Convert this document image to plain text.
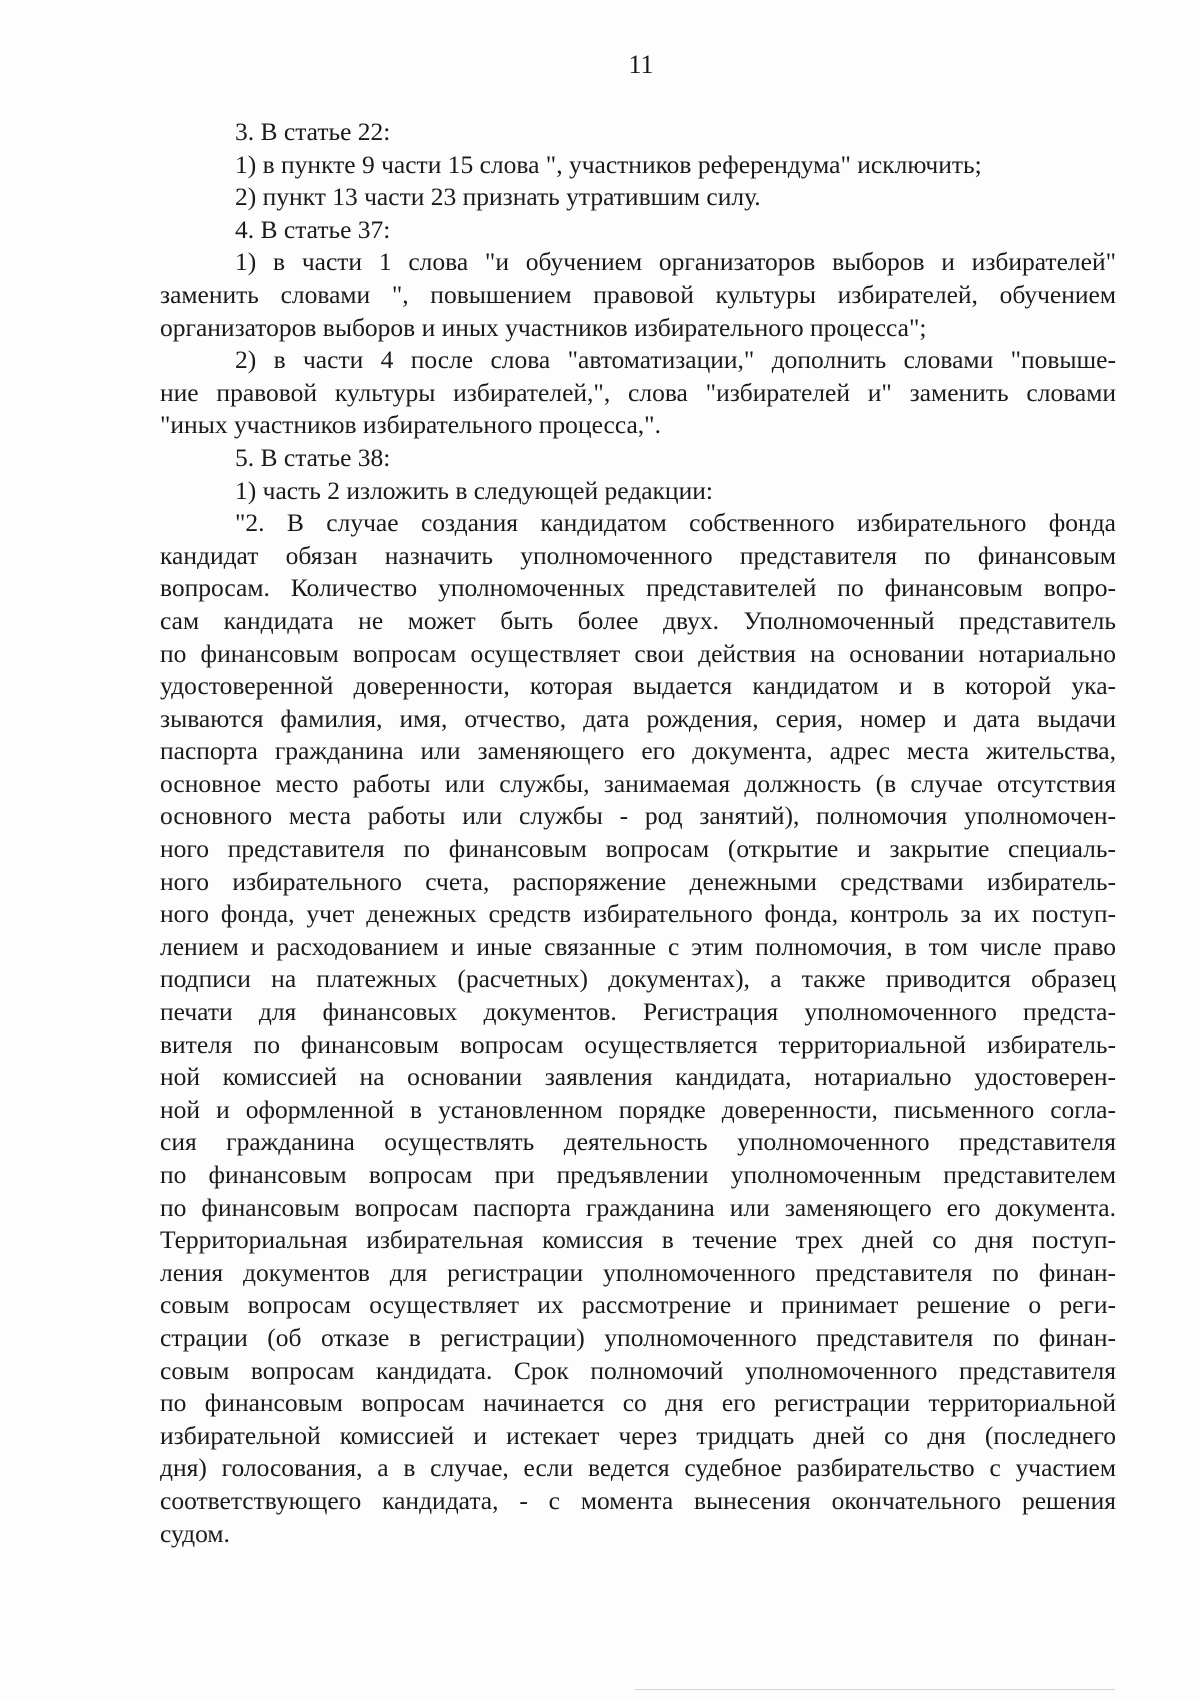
11
3. В статье 22:
1) в пункте 9 части 15 слова ", участников референдума" исключить;
2) пункт 13 части 23 признать утратившим силу.
4. В статье 37:
1) в части 1 слова "и обучением организаторов выборов и избирателей"
заменить словами ", повышением правовой культуры избирателей, обучением
организаторов выборов и иных участников избирательного процесса";
2) в части 4 после слова "автоматизации," дополнить словами "повыше-
ние правовой культуры избирателей,", слова "избирателей и" заменить словами
"иных участников избирательного процесса,".
5. В статье 38:
1) часть 2 изложить в следующей редакции:
"2. В случае создания кандидатом собственного избирательного фонда
кандидат обязан назначить уполномоченного представителя по финансовым
вопросам. Количество уполномоченных представителей по финансовым вопро-
сам кандидата не может быть более двух. Уполномоченный представитель
по финансовым вопросам осуществляет свои действия на основании нотариально
удостоверенной доверенности, которая выдается кандидатом и в которой ука-
зываются фамилия, имя, отчество, дата рождения, серия, номер и дата выдачи
паспорта гражданина или заменяющего его документа, адрес места жительства,
основное место работы или службы, занимаемая должность (в случае отсутствия
основного места работы или службы - род занятий), полномочия уполномочен-
ного представителя по финансовым вопросам (открытие и закрытие специаль-
ного избирательного счета, распоряжение денежными средствами избиратель-
ного фонда, учет денежных средств избирательного фонда, контроль за их поступ-
лением и расходованием и иные связанные с этим полномочия, в том числе право
подписи на платежных (расчетных) документах), а также приводится образец
печати для финансовых документов. Регистрация уполномоченного предста-
вителя по финансовым вопросам осуществляется территориальной избиратель-
ной комиссией на основании заявления кандидата, нотариально удостоверен-
ной и оформленной в установленном порядке доверенности, письменного согла-
сия гражданина осуществлять деятельность уполномоченного представителя
по финансовым вопросам при предъявлении уполномоченным представителем
по финансовым вопросам паспорта гражданина или заменяющего его документа.
Территориальная избирательная комиссия в течение трех дней со дня поступ-
ления документов для регистрации уполномоченного представителя по финан-
совым вопросам осуществляет их рассмотрение и принимает решение о реги-
страции (об отказе в регистрации) уполномоченного представителя по финан-
совым вопросам кандидата. Срок полномочий уполномоченного представителя
по финансовым вопросам начинается со дня его регистрации территориальной
избирательной комиссией и истекает через тридцать дней со дня (последнего
дня) голосования, а в случае, если ведется судебное разбирательство с участием
соответствующего кандидата, - с момента вынесения окончательного решения
судом.
